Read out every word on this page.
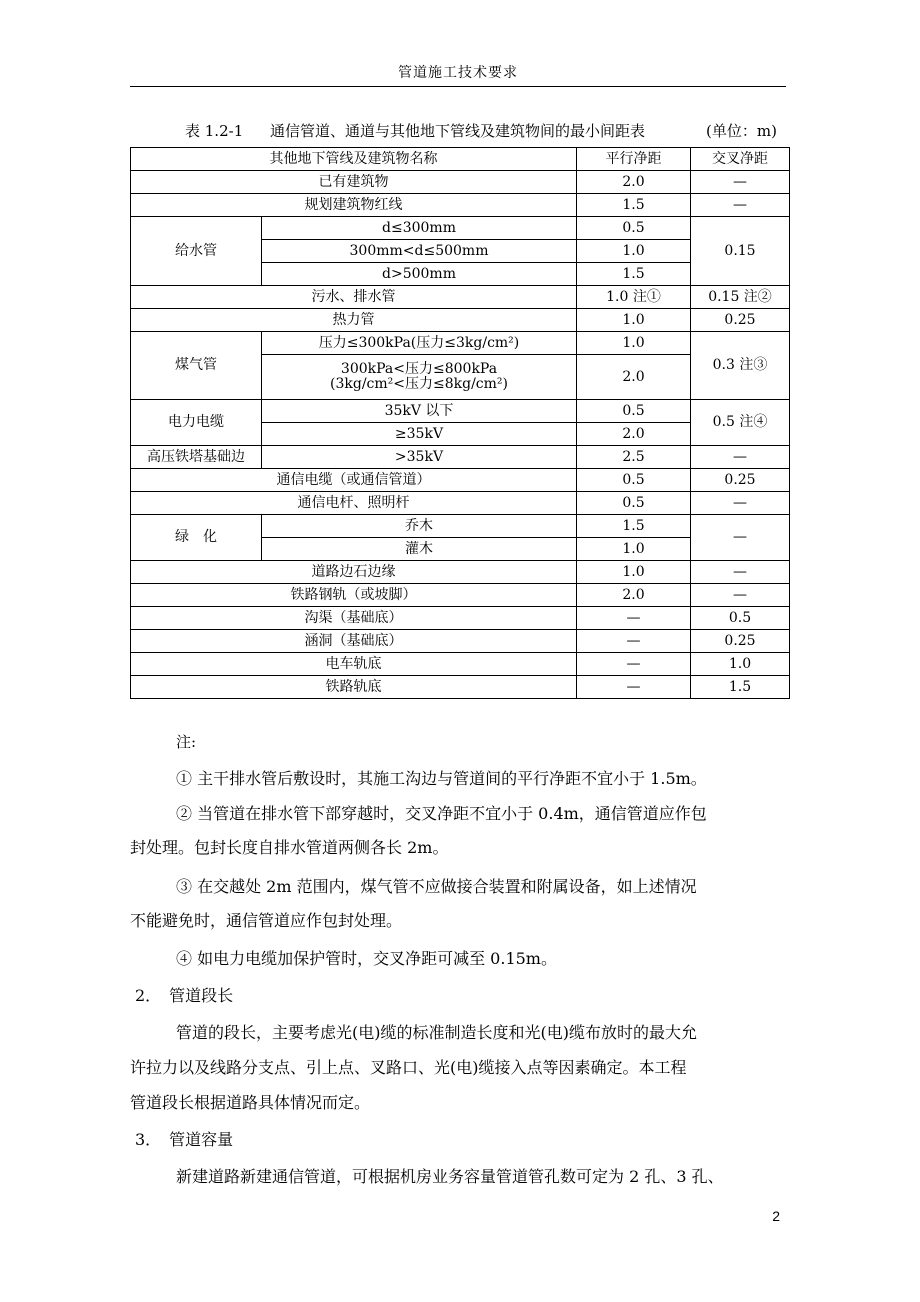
管道施工技术要求
表 1.2-1 通信管道、通道与其他地下管线及建筑物间的最小间距表	(单位：m)
其他地下管线及建筑物名称		平行净距	交叉净距
已有建筑物		2.0	—
规划建筑物红线		1.5	—
给水管	d≤300mm	0.5	0.15
	300mm<d≤500mm	1.0	
	d>500mm	1.5	
污水、排水管		1.0 注①	0.15 注②
热力管		1.0	0.25
煤气管	压力≤300kPa(压力≤3kg/cm²)	1.0	0.3 注③
	300kPa<压力≤800kPa
(3kg/cm²<压力≤8kg/cm²)	2.0	
电力电缆	35kV 以下	0.5	0.5 注④
	≥35kV	2.0	
高压铁塔基础边	>35kV	2.5	—
通信电缆（或通信管道）		0.5	0.25
通信电杆、照明杆		0.5	—
绿　化	乔木	1.5	—
	灌木	1.0	
道路边石边缘		1.0	—
铁路钢轨（或坡脚）		2.0	—
沟渠（基础底）		—	0.5
涵洞（基础底）		—	0.25
电车轨底		—	1.0
铁路轨底		—	1.5
注:
① 主干排水管后敷设时，其施工沟边与管道间的平行净距不宜小于 1.5m。
② 当管道在排水管下部穿越时，交叉净距不宜小于 0.4m，通信管道应作包
封处理。包封长度自排水管道两侧各长 2m。
③ 在交越处 2m 范围内，煤气管不应做接合装置和附属设备，如上述情况
不能避免时，通信管道应作包封处理。
④ 如电力电缆加保护管时，交叉净距可减至 0.15m。
2．　管道段长
管道的段长，主要考虑光(电)缆的标准制造长度和光(电)缆布放时的最大允
许拉力以及线路分支点、引上点、叉路口、光(电)缆接入点等因素确定。本工程
管道段长根据道路具体情况而定。
3．　管道容量
新建道路新建通信管道，可根据机房业务容量管道管孔数可定为 2 孔、3 孔、
2
